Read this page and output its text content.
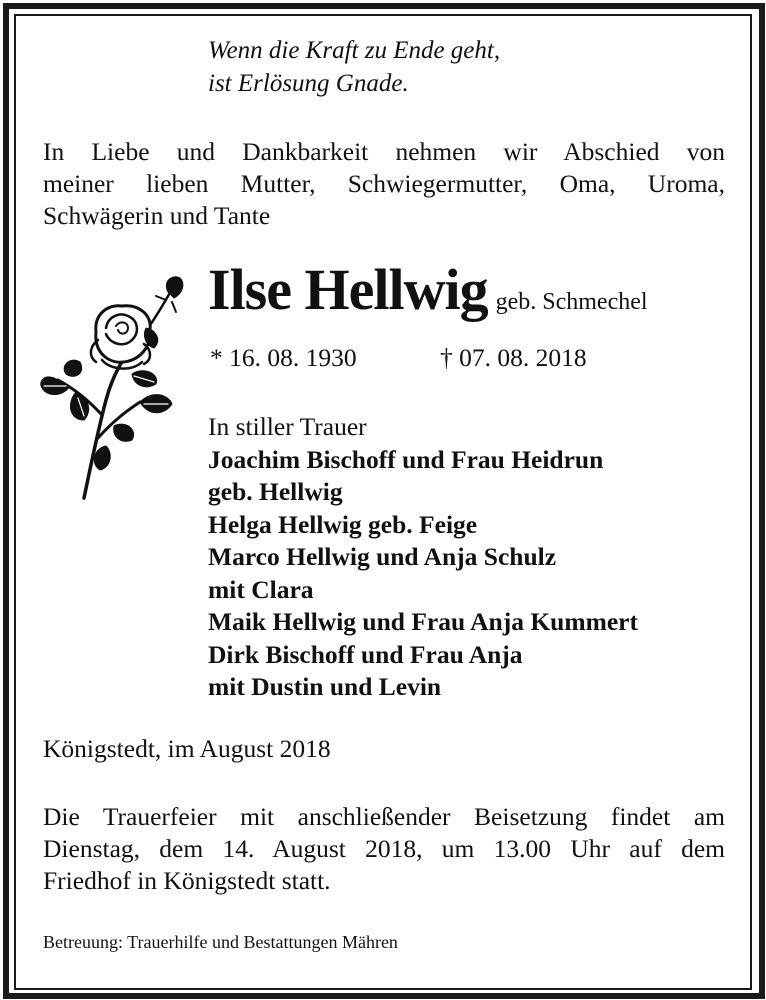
Wenn die Kraft zu Ende geht,
ist Erlösung Gnade.
In Liebe und Dankbarkeit nehmen wir Abschied von
meiner lieben Mutter, Schwiegermutter, Oma, Uroma,
Schwägerin und Tante
Ilse Hellwig geb. Schmechel
* 16. 08. 1930	† 07. 08. 2018
In stiller Trauer
Joachim Bischoff und Frau Heidrun
geb. Hellwig
Helga Hellwig geb. Feige
Marco Hellwig und Anja Schulz
mit Clara
Maik Hellwig und Frau Anja Kummert
Dirk Bischoff und Frau Anja
mit Dustin und Levin
Königstedt, im August 2018
Die Trauerfeier mit anschließender Beisetzung findet am
Dienstag, dem 14. August 2018, um 13.00 Uhr auf dem
Friedhof in Königstedt statt.
Betreuung: Trauerhilfe und Bestattungen Mähren
